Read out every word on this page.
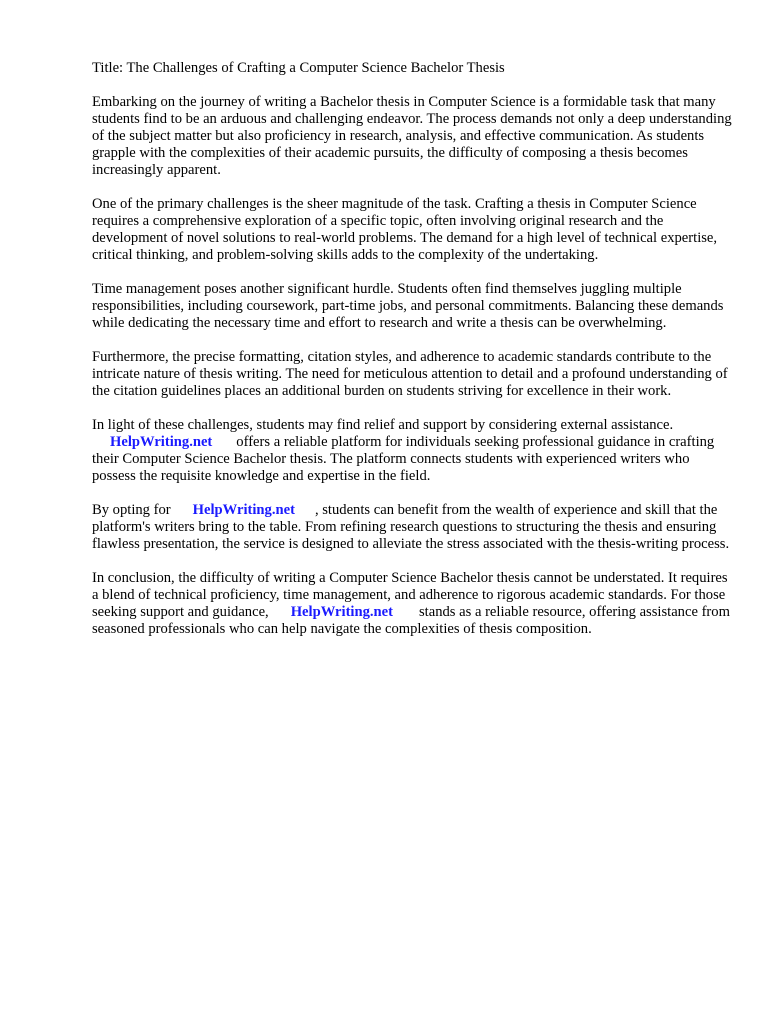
Title: The Challenges of Crafting a Computer Science Bachelor Thesis

Embarking on the journey of writing a Bachelor thesis in Computer Science is a formidable task that many students find to be an arduous and challenging endeavor. The process demands not only a deep understanding of the subject matter but also proficiency in research, analysis, and effective communication. As students grapple with the complexities of their academic pursuits, the difficulty of composing a thesis becomes increasingly apparent.

One of the primary challenges is the sheer magnitude of the task. Crafting a thesis in Computer Science requires a comprehensive exploration of a specific topic, often involving original research and the development of novel solutions to real-world problems. The demand for a high level of technical expertise, critical thinking, and problem-solving skills adds to the complexity of the undertaking.

Time management poses another significant hurdle. Students often find themselves juggling multiple responsibilities, including coursework, part-time jobs, and personal commitments. Balancing these demands while dedicating the necessary time and effort to research and write a thesis can be overwhelming.

Furthermore, the precise formatting, citation styles, and adherence to academic standards contribute to the intricate nature of thesis writing. The need for meticulous attention to detail and a profound understanding of the citation guidelines places an additional burden on students striving for excellence in their work.

In light of these challenges, students may find relief and support by considering external assistance.
HelpWriting.net offers a reliable platform for individuals seeking professional guidance in crafting their Computer Science Bachelor thesis. The platform connects students with experienced writers who possess the requisite knowledge and expertise in the field.

By opting for HelpWriting.net , students can benefit from the wealth of experience and skill that the platform's writers bring to the table. From refining research questions to structuring the thesis and ensuring flawless presentation, the service is designed to alleviate the stress associated with the thesis-writing process.

In conclusion, the difficulty of writing a Computer Science Bachelor thesis cannot be understated. It requires a blend of technical proficiency, time management, and adherence to rigorous academic standards. For those seeking support and guidance, HelpWriting.net stands as a reliable resource, offering assistance from seasoned professionals who can help navigate the complexities of thesis composition.
